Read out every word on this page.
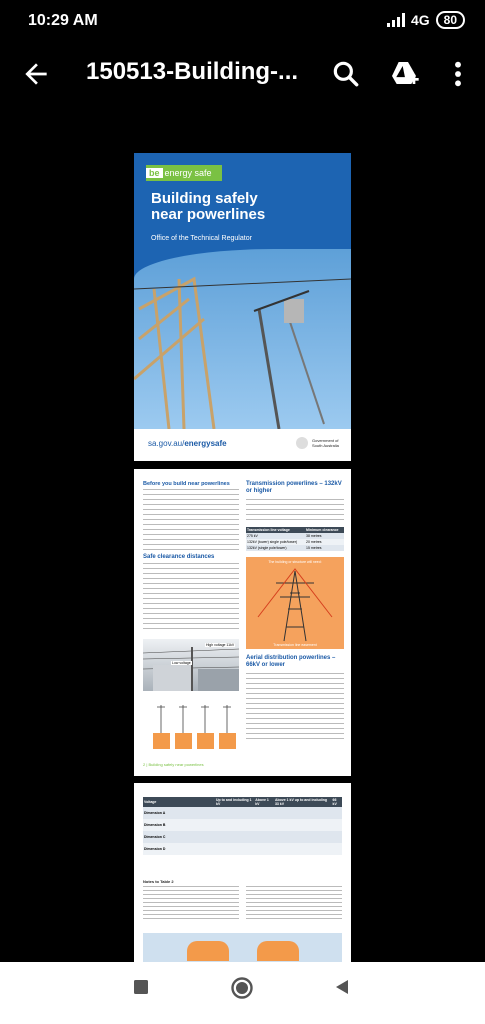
10:29 AM	4G	80
150513-Building-...
be energy safe
Building safely
near powerlines
Office of the Technical Regulator
sa.gov.au/energysafe	Government of
South Australia
Before you build near powerlines
Safe clearance distances
High voltage 11kV
Low voltage
2 | Building safely near powerlines
Transmission powerlines – 132kV or higher
Transmission line voltage	Minimum clearance
275 kV	38 metres
132kV (tower) single pole/tower)	20 metres
132kV (single pole/tower)	15 metres
The building or structure will need:
Transmission line easement
Aerial distribution powerlines – 66kV or lower
Voltage	Up to and including 1 kV	Above 1 kV	Above 1 kV up to and including 33 kV	66 kV
Dimension A				
Dimension B				
Dimension C				
Dimension D				
Notes to Table 2
